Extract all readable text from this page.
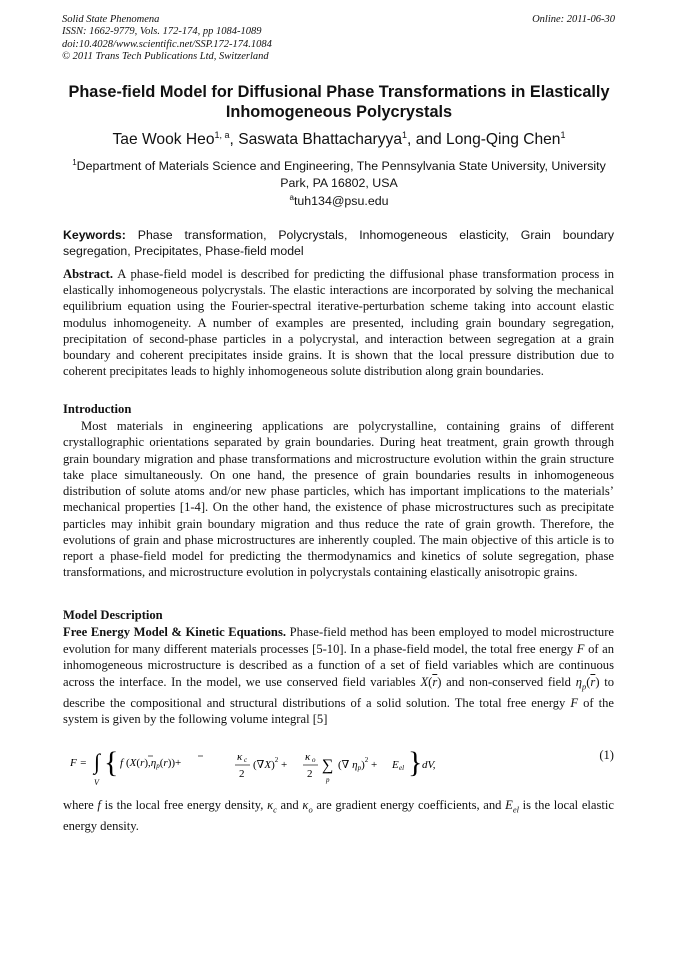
Solid State Phenomena
ISSN: 1662-9779, Vols. 172-174, pp 1084-1089
doi:10.4028/www.scientific.net/SSP.172-174.1084
© 2011 Trans Tech Publications Ltd, Switzerland
Online: 2011-06-30
Phase-field Model for Diffusional Phase Transformations in Elastically Inhomogeneous Polycrystals
Tae Wook Heo$^{1, a}$, Saswata Bhattacharyya$^1$, and Long-Qing Chen$^1$
$^1$Department of Materials Science and Engineering, The Pennsylvania State University, University Park, PA 16802, USA
$^a$tuh134@psu.edu
Keywords: Phase transformation, Polycrystals, Inhomogeneous elasticity, Grain boundary segregation, Precipitates, Phase-field model
Abstract. A phase-field model is described for predicting the diffusional phase transformation process in elastically inhomogeneous polycrystals. The elastic interactions are incorporated by solving the mechanical equilibrium equation using the Fourier-spectral iterative-perturbation scheme taking into account elastic modulus inhomogeneity. A number of examples are presented, including grain boundary segregation, precipitation of second-phase particles in a polycrystal, and interaction between segregation at a grain boundary and coherent precipitates inside grains. It is shown that the local pressure distribution due to coherent precipitates leads to highly inhomogeneous solute distribution along grain boundaries.
Introduction
Most materials in engineering applications are polycrystalline, containing grains of different crystallographic orientations separated by grain boundaries. During heat treatment, grain growth through grain boundary migration and phase transformations and microstructure evolution within the grain structure take place simultaneously. On one hand, the presence of grain boundaries results in inhomogeneous distribution of solute atoms and/or new phase particles, which has important implications to the materials’ mechanical properties [1-4]. On the other hand, the existence of phase microstructures such as precipitate particles may inhibit grain boundary migration and thus reduce the rate of grain growth. Therefore, the evolutions of grain and phase microstructures are inherently coupled. The main objective of this article is to report a phase-field model for predicting the thermodynamics and kinetics of solute segregation, phase transformations, and microstructure evolution in polycrystals containing elastically anisotropic grains.
Model Description
Free Energy Model & Kinetic Equations. Phase-field method has been employed to model microstructure evolution for many different materials processes [5-10]. In a phase-field model, the total free energy F of an inhomogeneous microstructure is described as a function of a set of field variables which are continuous across the interface. In the model, we use conserved field variables $X(\overline{r})$ and non-conserved field $\eta_p(\overline{r})$ to describe the compositional and structural distributions of a solid solution. The total free energy F of the system is given by the following volume integral [5]
F = ∫
V
{ f (X(r),ηp(r))+	κ c
2
$(\nabla X)^2$ +
κ o
2 ∑
p
(∇ ηp)$^2$ + E el } dV,
(1)
where f is the local free energy density, $\kappa_c$ and $\kappa_o$ are gradient energy coefficients, and $E_{el}$ is the local elastic energy density.
